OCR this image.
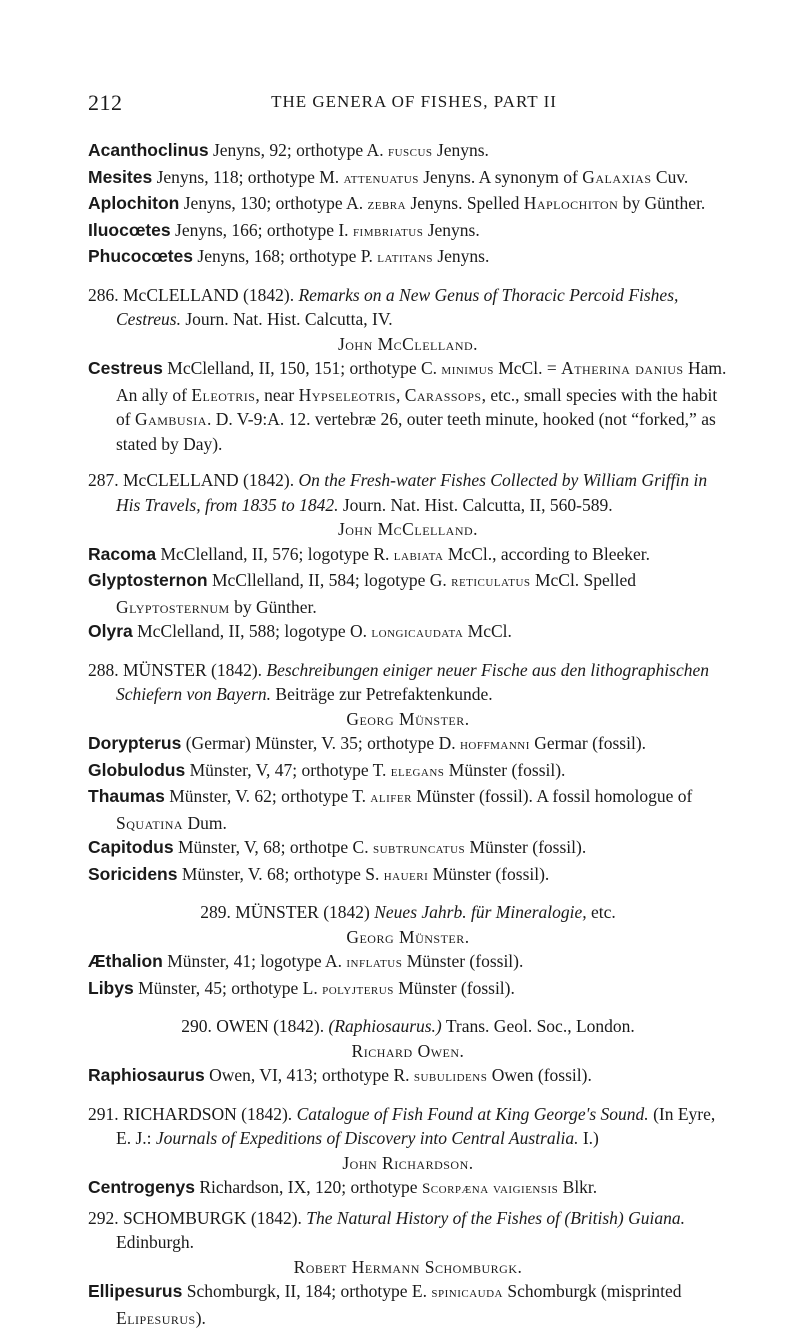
212	THE GENERA OF FISHES, PART II

Acanthoclinus Jenyns, 92; orthotype A. fuscus Jenyns.

Mesites Jenyns, 118; orthotype M. attenuatus Jenyns. A synonym of Galaxias Cuv.

Aplochiton Jenyns, 130; orthotype A. zebra Jenyns. Spelled Haplochiton by Günther.

Iluocœtes Jenyns, 166; orthotype I. fimbriatus Jenyns.

Phucocœtes Jenyns, 168; orthotype P. latitans Jenyns.

286. McCLELLAND (1842). Remarks on a New Genus of Thoracic Percoid Fishes, Cestreus. Journ. Nat. Hist. Calcutta, IV.

John McClelland.

Cestreus McClelland, II, 150, 151; orthotype C. minimus McCl. = Atherina danius Ham. An ally of Eleotris, near Hypseleotris, Carassops, etc., small species with the habit of Gambusia. D. V-9:A. 12. vertebræ 26, outer teeth minute, hooked (not “forked,” as stated by Day).

287. McCLELLAND (1842). On the Fresh-water Fishes Collected by William Griffin in His Travels, from 1835 to 1842. Journ. Nat. Hist. Calcutta, II, 560-589.

John McClelland.

Racoma McClelland, II, 576; logotype R. labiata McCl., according to Bleeker.

Glyptosternon McCllelland, II, 584; logotype G. reticulatus McCl. Spelled Glyptosternum by Günther.

Olyra McClelland, II, 588; logotype O. longicaudata McCl.

288. MÜNSTER (1842). Beschreibungen einiger neuer Fische aus den lithographischen Schiefern von Bayern. Beiträge zur Petrefaktenkunde.

Georg Münster.

Dorypterus (Germar) Münster, V. 35; orthotype D. hoffmanni Germar (fossil).

Globulodus Münster, V, 47; orthotype T. elegans Münster (fossil).

Thaumas Münster, V. 62; orthotype T. alifer Münster (fossil). A fossil homologue of Squatina Dum.

Capitodus Münster, V, 68; orthotpe C. subtruncatus Münster (fossil).

Soricidens Münster, V. 68; orthotype S. haueri Münster (fossil).

289. MÜNSTER (1842) Neues Jahrb. für Mineralogie, etc.

Georg Münster.

Æthalion Münster, 41; logotype A. inflatus Münster (fossil).

Libys Münster, 45; orthotype L. polyjterus Münster (fossil).

290. OWEN (1842). (Raphiosaurus.) Trans. Geol. Soc., London.

Richard Owen.

Raphiosaurus Owen, VI, 413; orthotype R. subulidens Owen (fossil).

291. RICHARDSON (1842). Catalogue of Fish Found at King George's Sound. (In Eyre, E. J.: Journals of Expeditions of Discovery into Central Australia. I.)

John Richardson.

Centrogenys Richardson, IX, 120; orthotype Scorpæna vaigiensis Blkr.

292. SCHOMBURGK (1842). The Natural History of the Fishes of (British) Guiana. Edinburgh.

Robert Hermann Schomburgk.

Ellipesurus Schomburgk, II, 184; orthotype E. spinicauda Schomburgk (misprinted Elipesurus).
